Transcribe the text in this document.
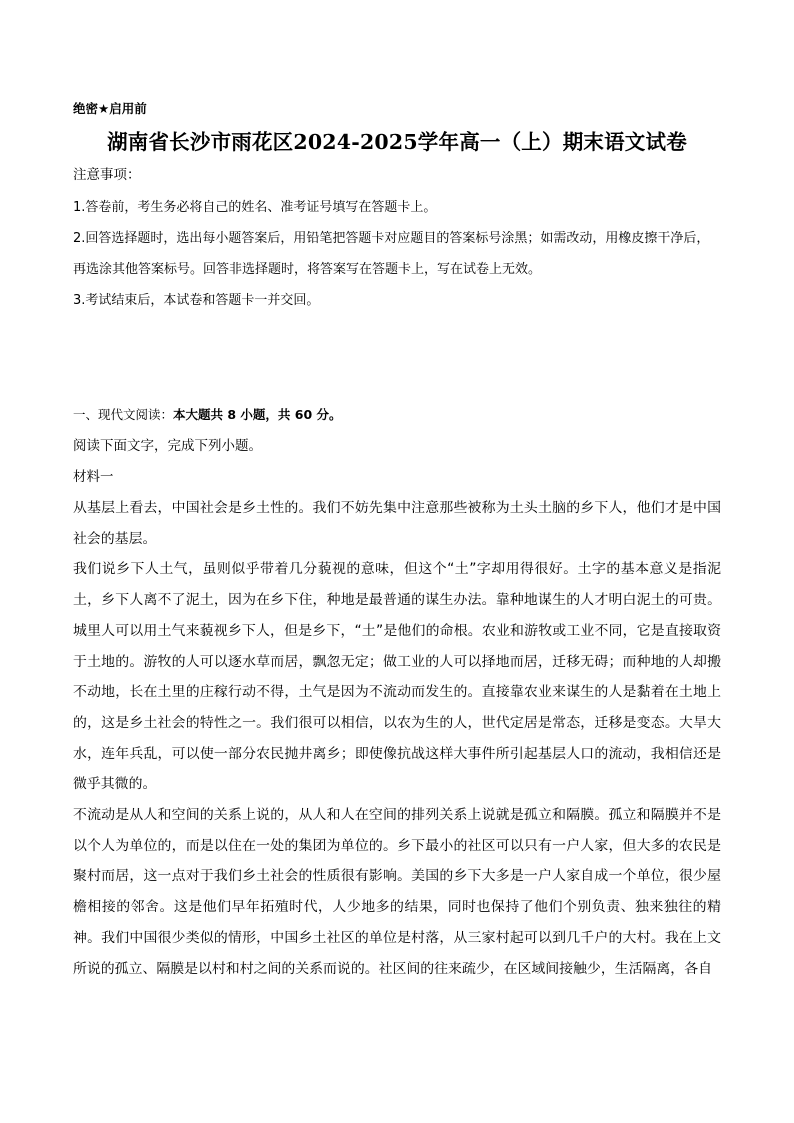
绝密★启用前
湖南省长沙市雨花区2024-2025学年高一（上）期末语文试卷
注意事项：

1.答卷前，考生务必将自己的姓名、准考证号填写在答题卡上。

2.回答选择题时，选出每小题答案后，用铅笔把答题卡对应题目的答案标号涂黑；如需改动，用橡皮擦干净后，再选涂其他答案标号。回答非选择题时，将答案写在答题卡上，写在试卷上无效。

3.考试结束后，本试卷和答题卡一并交回。

一、现代文阅读：本大题共 8 小题，共 60 分。
阅读下面文字，完成下列小题。
材料一

从基层上看去，中国社会是乡土性的。我们不妨先集中注意那些被称为土头土脑的乡下人，他们才是中国社会的基层。

我们说乡下人土气，虽则似乎带着几分藐视的意味，但这个“土”字却用得很好。土字的基本意义是指泥土，乡下人离不了泥土，因为在乡下住，种地是最普通的谋生办法。靠种地谋生的人才明白泥土的可贵。城里人可以用土气来藐视乡下人，但是乡下，“土”是他们的命根。农业和游牧或工业不同，它是直接取资于土地的。游牧的人可以逐水草而居，飘忽无定；做工业的人可以择地而居，迁移无碍；而种地的人却搬不动地，长在土里的庄稼行动不得，土气是因为不流动而发生的。直接靠农业来谋生的人是黏着在土地上的，这是乡土社会的特性之一。我们很可以相信，以农为生的人，世代定居是常态，迁移是变态。大旱大水，连年兵乱，可以使一部分农民抛井离乡；即使像抗战这样大事件所引起基层人口的流动，我相信还是微乎其微的。

不流动是从人和空间的关系上说的，从人和人在空间的排列关系上说就是孤立和隔膜。孤立和隔膜并不是以个人为单位的，而是以住在一处的集团为单位的。乡下最小的社区可以只有一户人家，但大多的农民是聚村而居，这一点对于我们乡土社会的性质很有影响。美国的乡下大多是一户人家自成一个单位，很少屋檐相接的邻舍。这是他们早年拓殖时代，人少地多的结果，同时也保持了他们个别负责、独来独往的精神。我们中国很少类似的情形，中国乡土社区的单位是村落，从三家村起可以到几千户的大村。我在上文所说的孤立、隔膜是以村和村之间的关系而说的。社区间的往来疏少，在区域间接触少，生活隔离，各自
